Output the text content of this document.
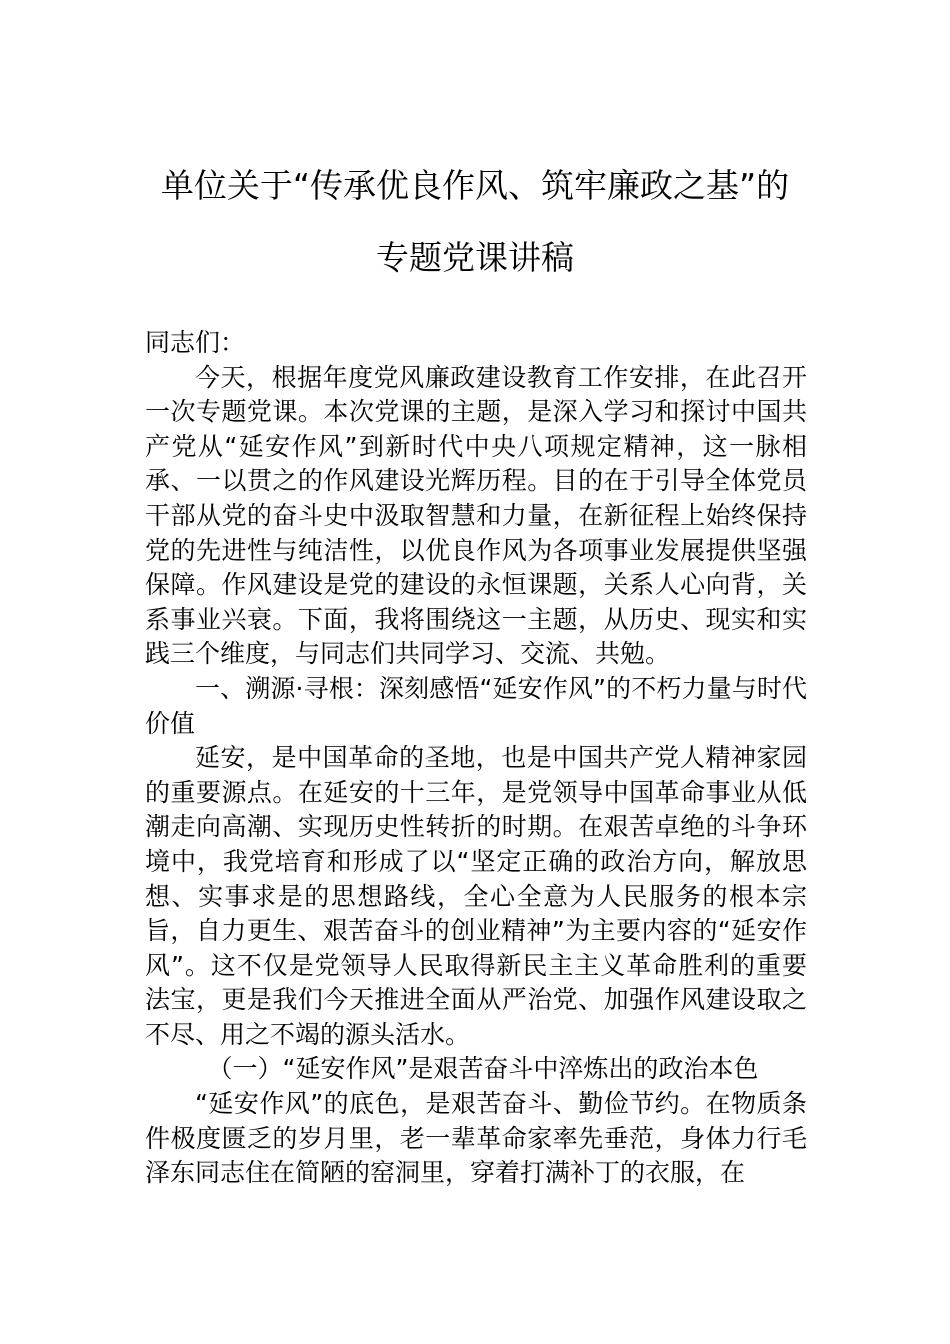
单位关于“传承优良作风、筑牢廉政之基”的
专题党课讲稿

同志们：

今天，根据年度党风廉政建设教育工作安排，在此召开一次专题党课。本次党课的主题，是深入学习和探讨中国共产党从“延安作风”到新时代中央八项规定精神，这一脉相承、一以贯之的作风建设光辉历程。目的在于引导全体党员干部从党的奋斗史中汲取智慧和力量，在新征程上始终保持党的先进性与纯洁性，以优良作风为各项事业发展提供坚强保障。作风建设是党的建设的永恒课题，关系人心向背，关系事业兴衰。下面，我将围绕这一主题，从历史、现实和实践三个维度，与同志们共同学习、交流、共勉。

一、溯源·寻根：深刻感悟“延安作风”的不朽力量与时代价值

延安，是中国革命的圣地，也是中国共产党人精神家园的重要源点。在延安的十三年，是党领导中国革命事业从低潮走向高潮、实现历史性转折的时期。在艰苦卓绝的斗争环境中，我党培育和形成了以“坚定正确的政治方向，解放思想、实事求是的思想路线，全心全意为人民服务的根本宗旨，自力更生、艰苦奋斗的创业精神”为主要内容的“延安作风”。这不仅是党领导人民取得新民主主义革命胜利的重要法宝，更是我们今天推进全面从严治党、加强作风建设取之不尽、用之不竭的源头活水。

（一）“延安作风”是艰苦奋斗中淬炼出的政治本色

“延安作风”的底色，是艰苦奋斗、勤俭节约。在物质条件极度匮乏的岁月里，老一辈革命家率先垂范，身体力行毛泽东同志住在简陋的窑洞里，穿着打满补丁的衣服，在
